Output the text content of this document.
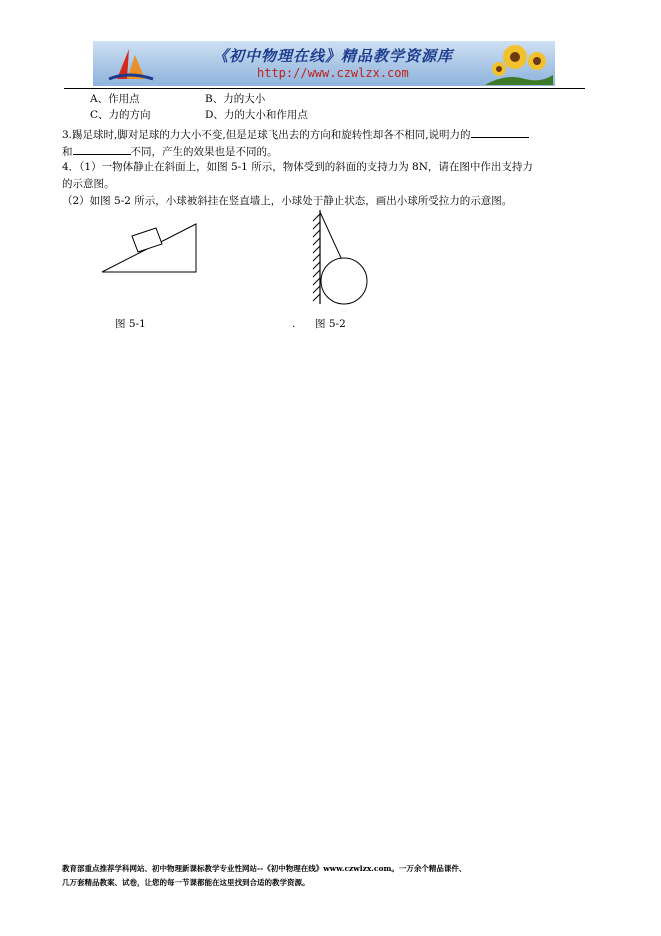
《初中物理在线》精品教学资源库
http://www.czwlzx.com
A、作用点	B、力的大小
C、力的方向	D、力的大小和作用点
3.踢足球时,脚对足球的力大小不变,但是足球飞出去的方向和旋转性却各不相同,说明力的
和	不同，产生的效果也是不同的。
4．（1）一物体静止在斜面上，如图 5-1 所示，物体受到的斜面的支持力为 8N，请在图中作出支持力
的示意图。
（2）如图 5-2 所示，小球被斜挂在竖直墙上，小球处于静止状态，画出小球所受拉力的示意图。
图 5-1	. 图 5-2
教育部重点推荐学科网站、初中物理新课标教学专业性网站--《初中物理在线》www.czwlzx.com。一万余个精品课件、
几万套精品教案、试卷，让您的每一节课都能在这里找到合适的教学资源。
